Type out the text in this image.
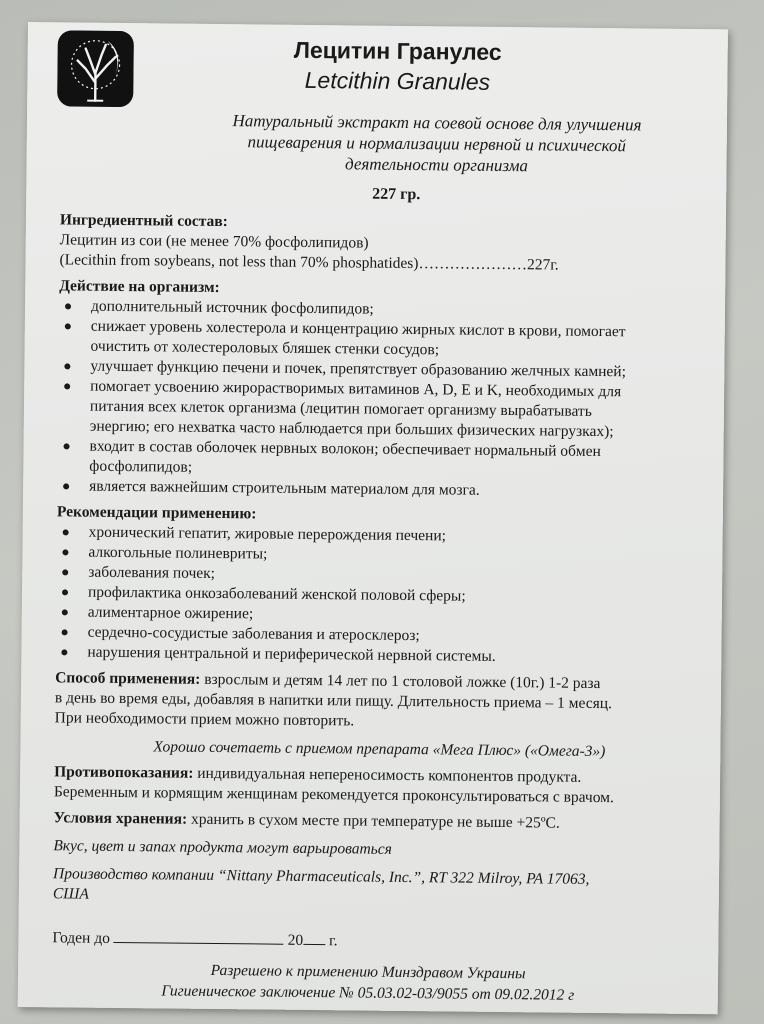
Лецитин Гранулес
Letcithin Granules
Натуральный экстракт на соевой основе для улучшения
пищеварения и нормализации нервной и психической
деятельности организма
227 гр.
Ингредиентный состав:
Лецитин из сои (не менее 70% фосфолипидов)
(Lecithin from soybeans, not less than 70% phosphatides)…………………227г.
Действие на организм:
дополнительный источник фосфолипидов;
снижает уровень холестерола и концентрацию жирных кислот в крови, помогает
очистить от холестероловых бляшек стенки сосудов;
улучшает функцию печени и почек, препятствует образованию желчных камней;
помогает усвоению жирорастворимых витаминов А, D, E и K, необходимых для
питания всех клеток организма (лецитин помогает организму вырабатывать
энергию; его нехватка часто наблюдается при больших физических нагрузках);
входит в состав оболочек нервных волокон; обеспечивает нормальный обмен
фосфолипидов;
является важнейшим строительным материалом для мозга.
Рекомендации применению:
хронический гепатит, жировые перерождения печени;
алкогольные полиневриты;
заболевания почек;
профилактика онкозаболеваний женской половой сферы;
алиментарное ожирение;
сердечно-сосудистые заболевания и атеросклероз;
нарушения центральной и периферической нервной системы.
Способ применения: взрослым и детям 14 лет по 1 столовой ложке (10г.) 1-2 раза
в день во время еды, добавляя в напитки или пищу. Длительность приема – 1 месяц.
При необходимости прием можно повторить.
Хорошо сочетаеть с приемом препарата «Мега Плюс» («Омега-3»)
Противопоказания: индивидуальная непереносимость компонентов продукта.
Беременным и кормящим женщинам рекомендуется проконсультироваться с врачом.
Условия хранения: хранить в сухом месте при температуре не выше +25ºС.
Вкус, цвет и запах продукта могут варьироваться
Производство компании “Nittany Pharmaceuticals, Inc.”, RT 322 Milroy, PA 17063,
США
Годен до	20 г.
Разрешено к применению Минздравом Украины
Гигиеническое заключение № 05.03.02-03/9055 от 09.02.2012 г
